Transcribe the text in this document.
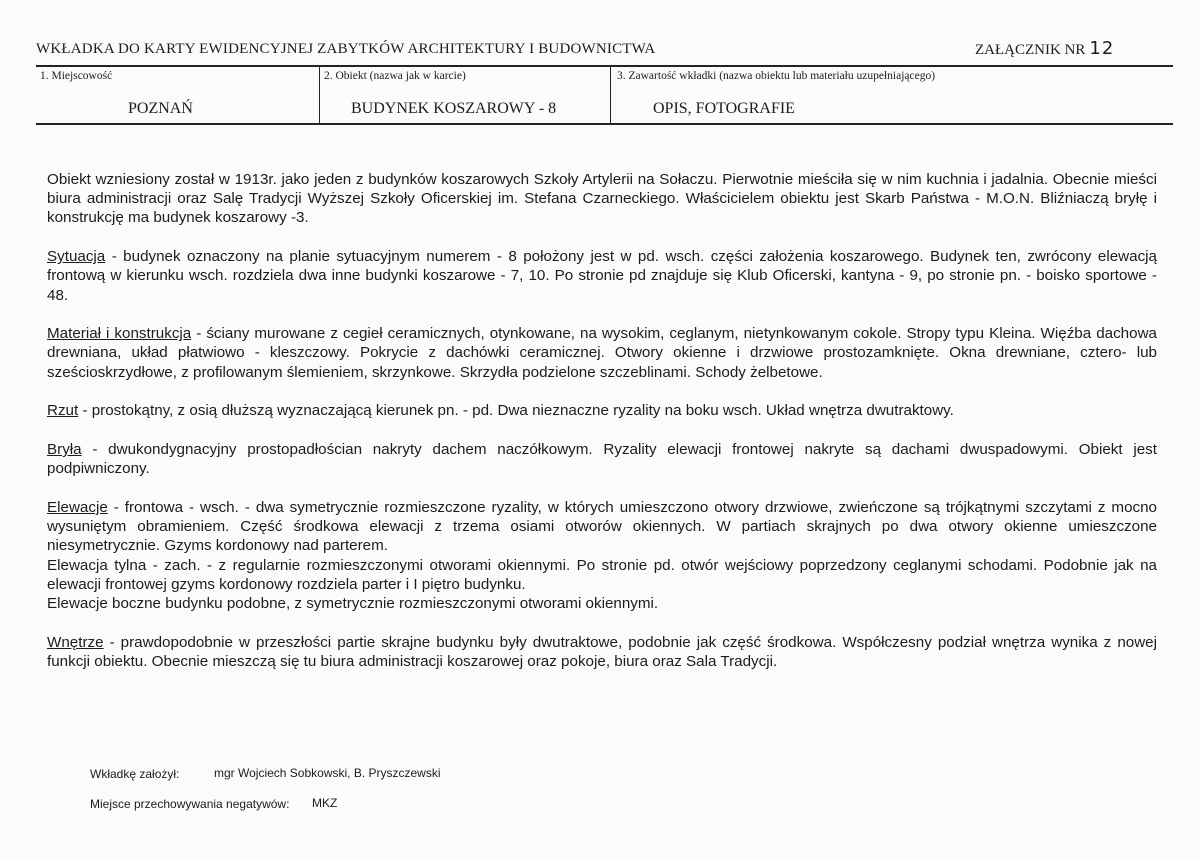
WKŁADKA DO KARTY EWIDENCYJNEJ ZABYTKÓW ARCHITEKTURY I BUDOWNICTWA	ZAŁĄCZNIK NR 12
1. Miejscowość
POZNAŃ
2. Obiekt (nazwa jak w karcie)
BUDYNEK KOSZAROWY - 8
3. Zawartość wkładki (nazwa obiektu lub materiału uzupełniającego)
OPIS, FOTOGRAFIE

Obiekt wzniesiony został w 1913r. jako jeden z budynków koszarowych Szkoły Artylerii na Sołaczu. Pierwotnie mieściła się w nim kuchnia i jadalnia. Obecnie mieści biura administracji oraz Salę Tradycji Wyższej Szkoły Oficerskiej im. Stefana Czarneckiego. Właścicielem obiektu jest Skarb Państwa - M.O.N. Bliźniaczą bryłę i konstrukcję ma budynek koszarowy -3.

Sytuacja - budynek oznaczony na planie sytuacyjnym numerem - 8 położony jest w pd. wsch. części założenia koszarowego. Budynek ten, zwrócony elewacją frontową w kierunku wsch. rozdziela dwa inne budynki koszarowe - 7, 10. Po stronie pd znajduje się Klub Oficerski, kantyna - 9, po stronie pn. - boisko sportowe - 48.

Materiał i konstrukcja - ściany murowane z cegieł ceramicznych, otynkowane, na wysokim, ceglanym, nietynkowanym cokole. Stropy typu Kleina. Więźba dachowa drewniana, układ płatwiowo - kleszczowy. Pokrycie z dachówki ceramicznej. Otwory okienne i drzwiowe prostozamknięte. Okna drewniane, cztero- lub sześcioskrzydłowe, z profilowanym ślemieniem, skrzynkowe. Skrzydła podzielone szczeblinami. Schody żelbetowe.

Rzut - prostokątny, z osią dłuższą wyznaczającą kierunek pn. - pd. Dwa nieznaczne ryzality na boku wsch. Układ wnętrza dwutraktowy.

Bryła - dwukondygnacyjny prostopadłościan nakryty dachem naczółkowym. Ryzality elewacji frontowej nakryte są dachami dwuspadowymi. Obiekt jest podpiwniczony.

Elewacje - frontowa - wsch. - dwa symetrycznie rozmieszczone ryzality, w których umieszczono otwory drzwiowe, zwieńczone są trójkątnymi szczytami z mocno wysuniętym obramieniem. Część środkowa elewacji z trzema osiami otworów okiennych. W partiach skrajnych po dwa otwory okienne umieszczone niesymetrycznie. Gzyms kordonowy nad parterem.
Elewacja tylna - zach. - z regularnie rozmieszczonymi otworami okiennymi. Po stronie pd. otwór wejściowy poprzedzony ceglanymi schodami. Podobnie jak na elewacji frontowej gzyms kordonowy rozdziela parter i I piętro budynku.
Elewacje boczne budynku podobne, z symetrycznie rozmieszczonymi otworami okiennymi.

Wnętrze - prawdopodobnie w przeszłości partie skrajne budynku były dwutraktowe, podobnie jak część środkowa. Współczesny podział wnętrza wynika z nowej funkcji obiektu. Obecnie mieszczą się tu biura administracji koszarowej oraz pokoje, biura oraz Sala Tradycji.

Wkładkę założył:	mgr Wojciech Sobkowski, B. Pryszczewski
Miejsce przechowywania negatywów: MKZ
